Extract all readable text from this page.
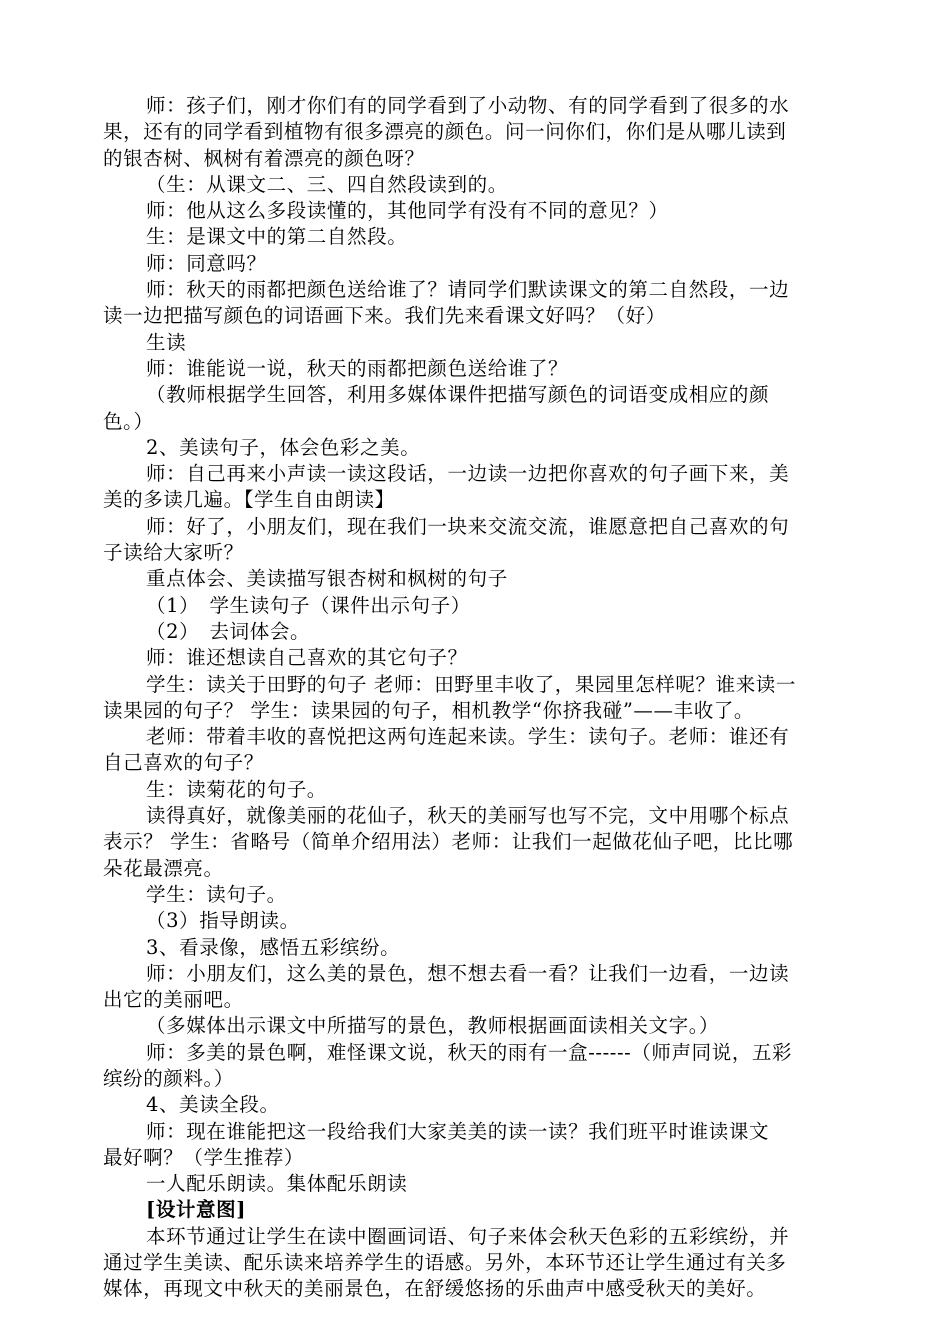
师：孩子们，刚才你们有的同学看到了小动物、有的同学看到了很多的水
果，还有的同学看到植物有很多漂亮的颜色。问一问你们，你们是从哪儿读到
的银杏树、枫树有着漂亮的颜色呀？
（生：从课文二、三、四自然段读到的。
师：他从这么多段读懂的，其他同学有没有不同的意见？）
生：是课文中的第二自然段。
师：同意吗？
师：秋天的雨都把颜色送给谁了？请同学们默读课文的第二自然段，一边
读一边把描写颜色的词语画下来。我们先来看课文好吗？（好）
生读
师：谁能说一说，秋天的雨都把颜色送给谁了？
（教师根据学生回答，利用多媒体课件把描写颜色的词语变成相应的颜
色。）
2、美读句子，体会色彩之美。
师：自己再来小声读一读这段话，一边读一边把你喜欢的句子画下来，美
美的多读几遍。【学生自由朗读】
师：好了，小朋友们，现在我们一块来交流交流，谁愿意把自己喜欢的句
子读给大家听？
重点体会、美读描写银杏树和枫树的句子
（1）　学生读句子（课件出示句子）
（2）　去词体会。
师：谁还想读自己喜欢的其它句子？
学生：读关于田野的句子 老师：田野里丰收了，果园里怎样呢？谁来读一
读果园的句子？ 学生：读果园的句子，相机教学“你挤我碰”——丰收了。
老师：带着丰收的喜悦把这两句连起来读。学生：读句子。老师：谁还有
自己喜欢的句子？
生：读菊花的句子。
读得真好，就像美丽的花仙子，秋天的美丽写也写不完，文中用哪个标点
表示？ 学生：省略号（简单介绍用法）老师：让我们一起做花仙子吧，比比哪
朵花最漂亮。
学生：读句子。
（3）指导朗读。
3、看录像，感悟五彩缤纷。
师：小朋友们，这么美的景色，想不想去看一看？让我们一边看，一边读
出它的美丽吧。
（多媒体出示课文中所描写的景色，教师根据画面读相关文字。）
师：多美的景色啊，难怪课文说，秋天的雨有一盒------（师声同说，五彩
缤纷的颜料。）
4、美读全段。
师：现在谁能把这一段给我们大家美美的读一读？我们班平时谁读课文
最好啊？（学生推荐）
一人配乐朗读。集体配乐朗读
[设计意图]
本环节通过让学生在读中圈画词语、句子来体会秋天色彩的五彩缤纷，并
通过学生美读、配乐读来培养学生的语感。另外，本环节还让学生通过有关多
媒体，再现文中秋天的美丽景色，在舒缓悠扬的乐曲声中感受秋天的美好。
